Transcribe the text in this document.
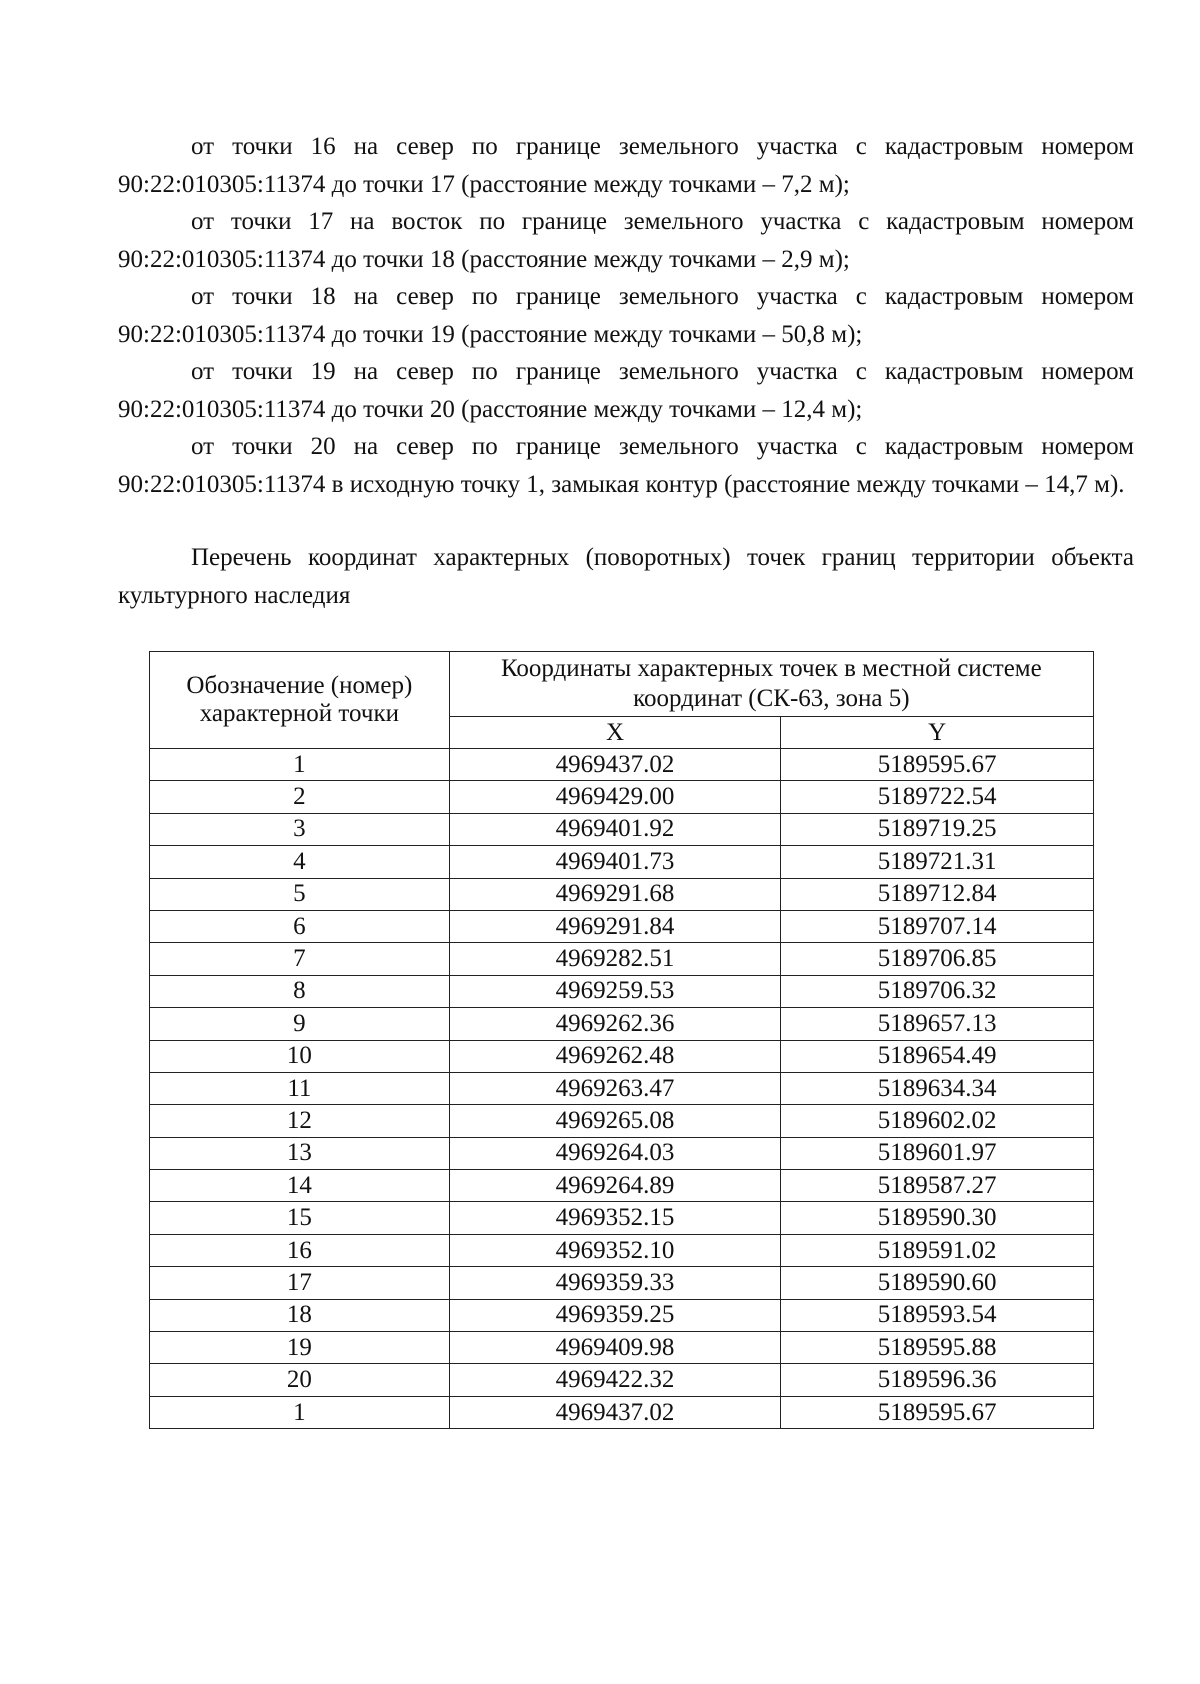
от точки 16 на север по границе земельного участка с кадастровым номером 90:22:010305:11374 до точки 17 (расстояние между точками – 7,2 м);

от точки 17 на восток по границе земельного участка с кадастровым номером 90:22:010305:11374 до точки 18 (расстояние между точками – 2,9 м);

от точки 18 на север по границе земельного участка с кадастровым номером 90:22:010305:11374 до точки 19 (расстояние между точками – 50,8 м);

от точки 19 на север по границе земельного участка с кадастровым номером 90:22:010305:11374 до точки 20 (расстояние между точками – 12,4 м);

от точки 20 на север по границе земельного участка с кадастровым номером 90:22:010305:11374 в исходную точку 1, замыкая контур (расстояние между точками – 14,7 м).

Перечень координат характерных (поворотных) точек границ территории объекта культурного наследия

Обозначение (номер) характерной точки	Координаты характерных точек в местной системе координат (СК-63, зона 5)	
	X	Y
1	4969437.02	5189595.67
2	4969429.00	5189722.54
3	4969401.92	5189719.25
4	4969401.73	5189721.31
5	4969291.68	5189712.84
6	4969291.84	5189707.14
7	4969282.51	5189706.85
8	4969259.53	5189706.32
9	4969262.36	5189657.13
10	4969262.48	5189654.49
11	4969263.47	5189634.34
12	4969265.08	5189602.02
13	4969264.03	5189601.97
14	4969264.89	5189587.27
15	4969352.15	5189590.30
16	4969352.10	5189591.02
17	4969359.33	5189590.60
18	4969359.25	5189593.54
19	4969409.98	5189595.88
20	4969422.32	5189596.36
1	4969437.02	5189595.67
